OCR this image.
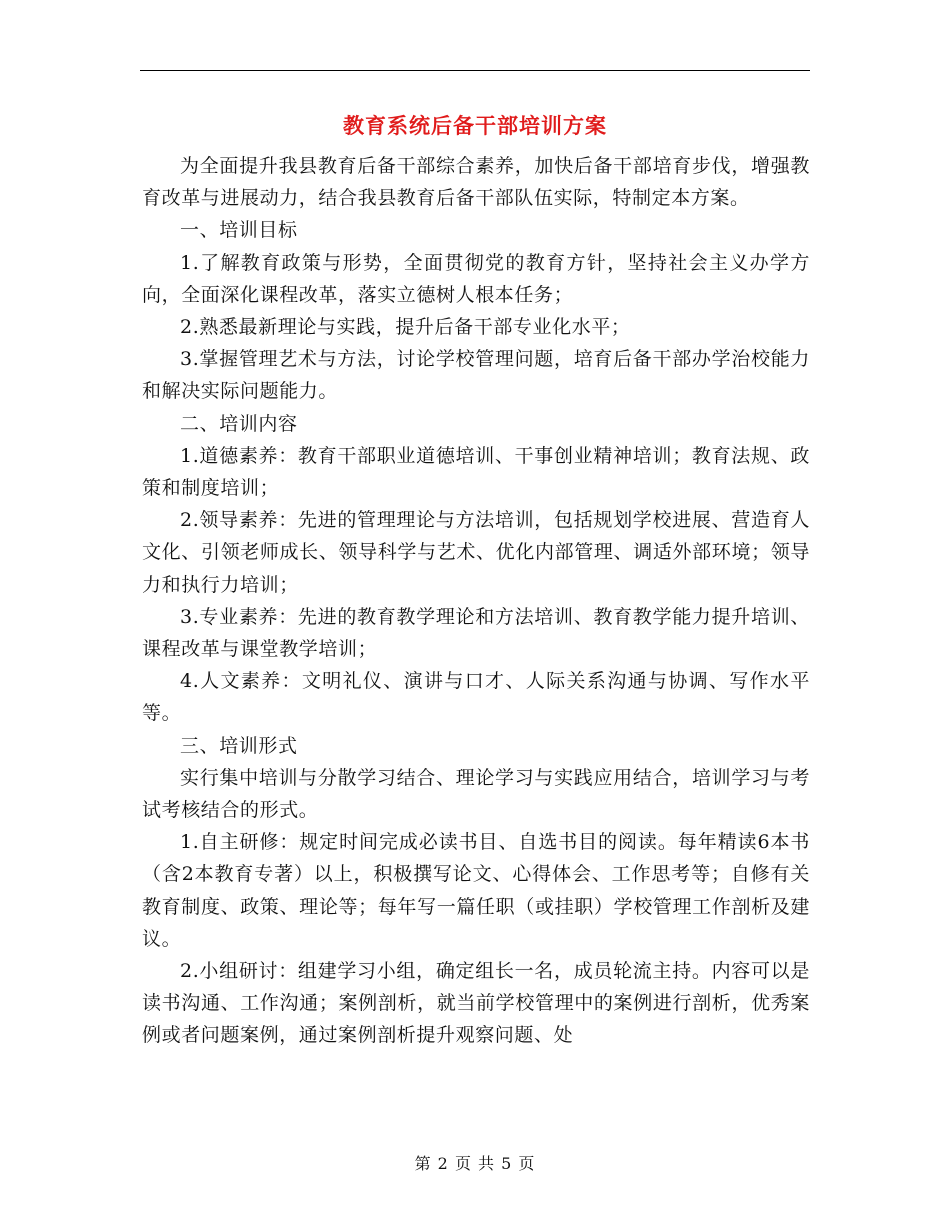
教育系统后备干部培训方案

为全面提升我县教育后备干部综合素养，加快后备干部培育步伐，增强教育改革与进展动力，结合我县教育后备干部队伍实际，特制定本方案。

一、培训目标

1.了解教育政策与形势，全面贯彻党的教育方针，坚持社会主义办学方向，全面深化课程改革，落实立德树人根本任务；

2.熟悉最新理论与实践，提升后备干部专业化水平；

3.掌握管理艺术与方法，讨论学校管理问题，培育后备干部办学治校能力和解决实际问题能力。

二、培训内容

1.道德素养：教育干部职业道德培训、干事创业精神培训；教育法规、政策和制度培训；

2.领导素养：先进的管理理论与方法培训，包括规划学校进展、营造育人文化、引领老师成长、领导科学与艺术、优化内部管理、调适外部环境；领导力和执行力培训；

3.专业素养：先进的教育教学理论和方法培训、教育教学能力提升培训、课程改革与课堂教学培训；

4.人文素养：文明礼仪、演讲与口才、人际关系沟通与协调、写作水平等。

三、培训形式

实行集中培训与分散学习结合、理论学习与实践应用结合，培训学习与考试考核结合的形式。

1.自主研修：规定时间完成必读书目、自选书目的阅读。每年精读6本书（含2本教育专著）以上，积极撰写论文、心得体会、工作思考等；自修有关教育制度、政策、理论等；每年写一篇任职（或挂职）学校管理工作剖析及建议。

2.小组研讨：组建学习小组，确定组长一名，成员轮流主持。内容可以是读书沟通、工作沟通；案例剖析，就当前学校管理中的案例进行剖析，优秀案例或者问题案例，通过案例剖析提升观察问题、处

第 2 页 共 5 页
